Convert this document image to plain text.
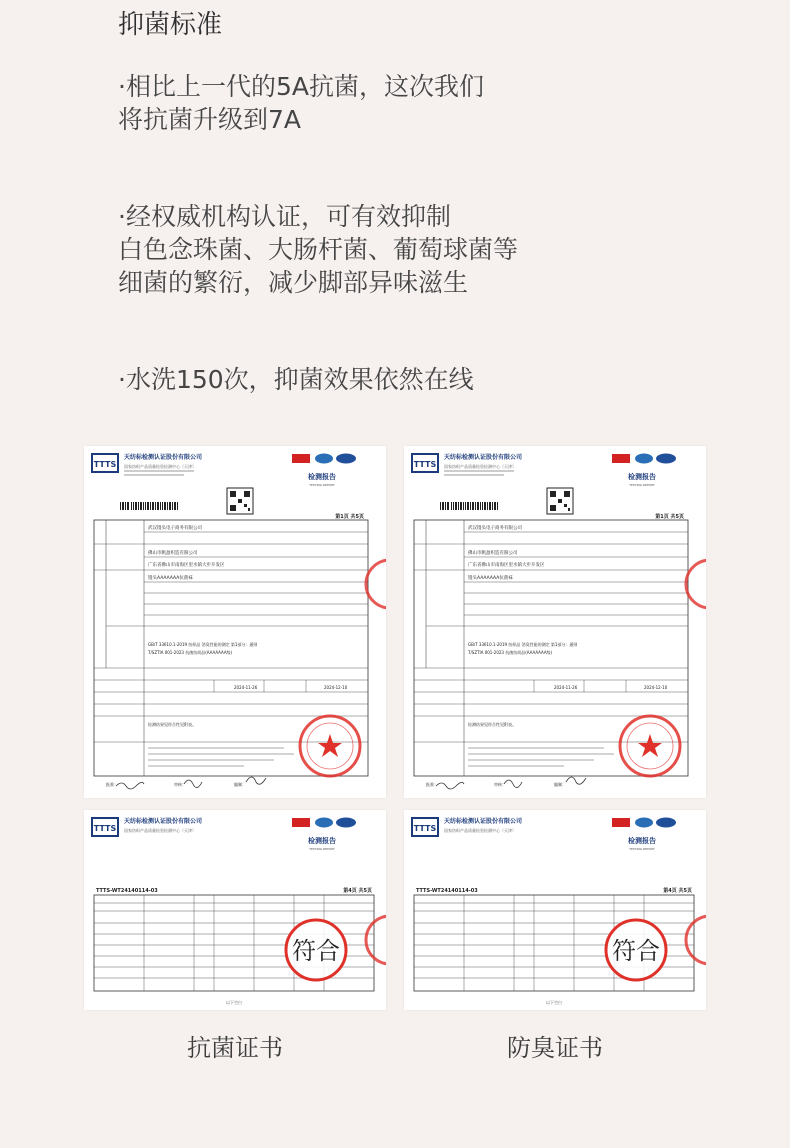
抑菌标准
·相比上一代的5A抗菌，这次我们
将抗菌升级到7A
·经权威机构认证，可有效抑制
白色念珠菌、大肠杆菌、葡萄球菌等
细菌的繁衍，减少脚部异味滋生
·水洗150次，抑菌效果依然在线
TTTS
天纺标检测认证股份有限公司
国家纺织产品质量检验检测中心（天津）
检测报告
TESTING REPORT
第1页 共5页
武汉馒头电子商务有限公司
佛山市帆盈织造有限公司
广东省佛山市南海区里水镇大步开发区
馒头AAAAAAA抗菌袜
GB/T 33610.1-2019 纺织品 消臭性能的测定 第1部分：通则
T/SZTIA 001-2023 抗菌纺织品(AAAAAAA级)
2024-11-26	2024-12-10
检测结果见符合性见附表。
批准：	审核：	编制：
TTTS
天纺标检测认证股份有限公司
国家纺织产品质量检验检测中心（天津）
检测报告
TESTING REPORT
第1页 共5页
武汉馒头电子商务有限公司
佛山市帆盈织造有限公司
广东省佛山市南海区里水镇大步开发区
馒头AAAAAAA抗菌袜
GB/T 33610.1-2019 纺织品 消臭性能的测定 第1部分：通则
T/SZTIA 001-2023 抗菌纺织品(AAAAAAA级)
2024-11-26	2024-12-10
检测结果见符合性见附表。
批准：	审核：	编制：
TTTS
天纺标检测认证股份有限公司
国家纺织产品质量检验检测中心（天津）
检测报告
TESTING REPORT
TTTS-WT24140114-03	第4页 共5页
以下空白
符合
TTTS
天纺标检测认证股份有限公司
国家纺织产品质量检验检测中心（天津）
检测报告
TESTING REPORT
TTTS-WT24140114-03	第4页 共5页
以下空白
符合
抗菌证书	防臭证书
